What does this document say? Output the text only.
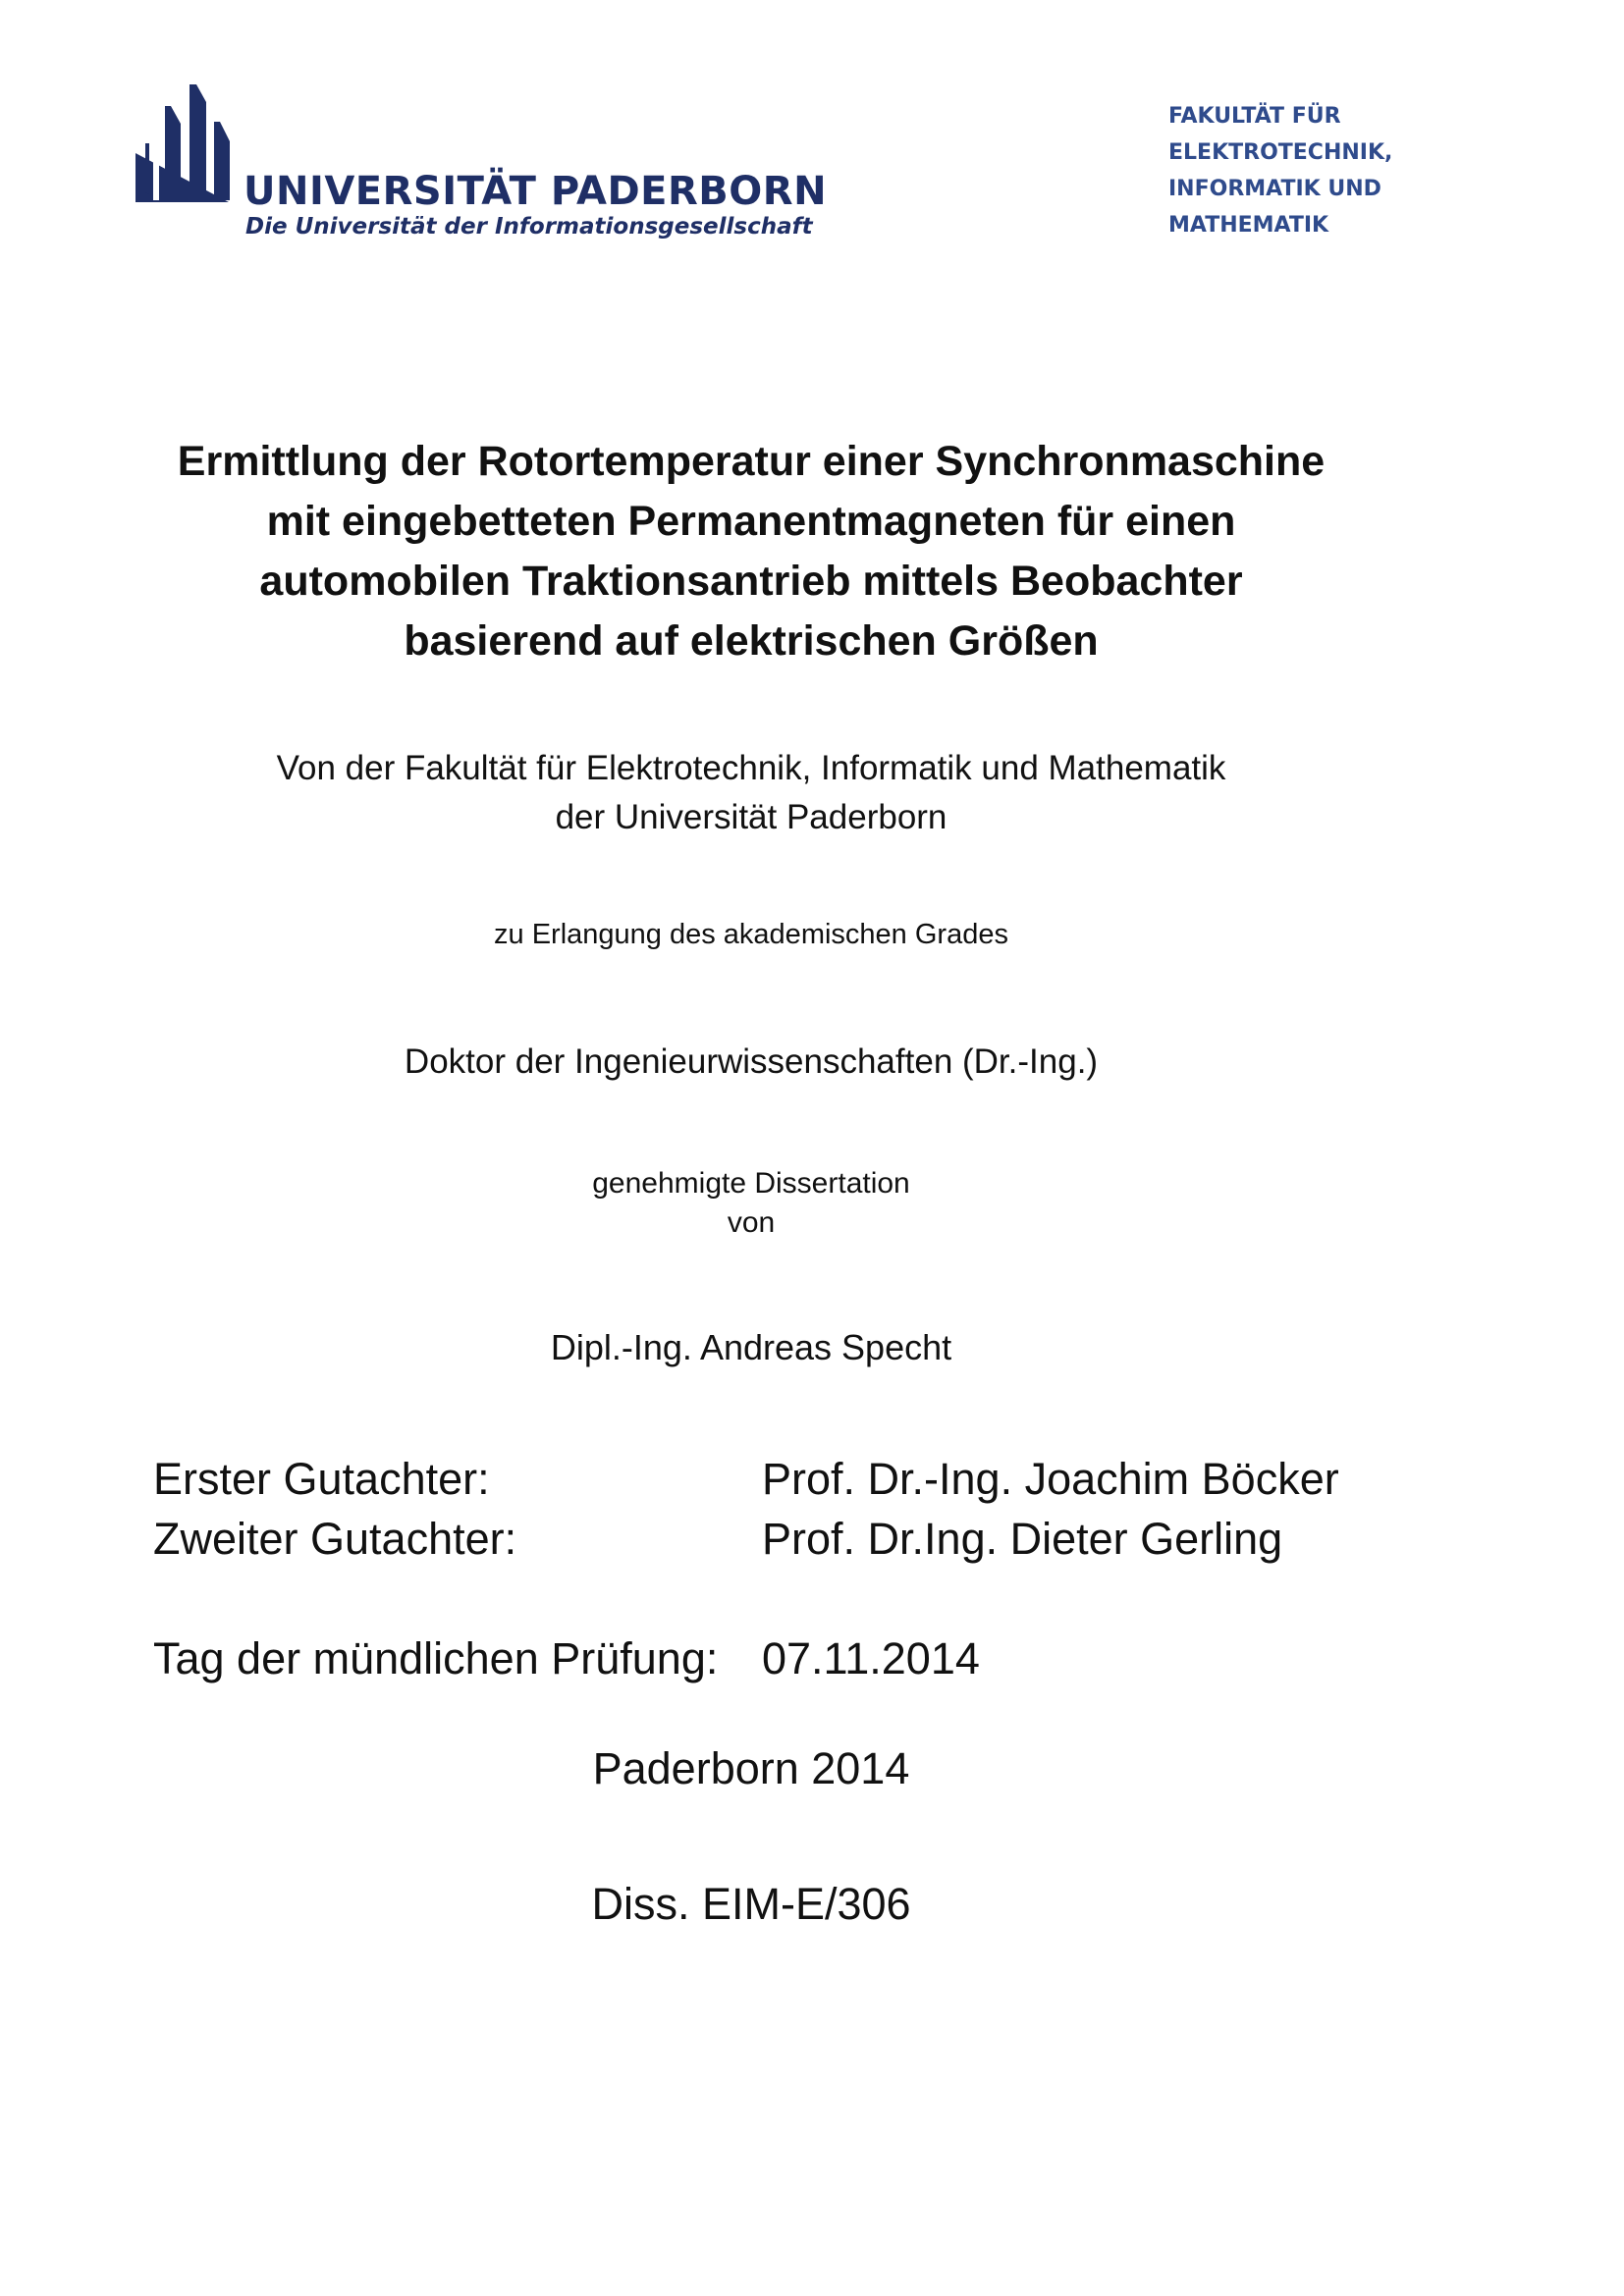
UNIVERSITÄT PADERBORN
Die Universität der Informationsgesellschaft
FAKULTÄT FÜR
ELEKTROTECHNIK,
INFORMATIK UND
MATHEMATIK
Ermittlung der Rotortemperatur einer Synchronmaschine
mit eingebetteten Permanentmagneten für einen
automobilen Traktionsantrieb mittels Beobachter
basierend auf elektrischen Größen
Von der Fakultät für Elektrotechnik, Informatik und Mathematik
der Universität Paderborn
zu Erlangung des akademischen Grades
Doktor der Ingenieurwissenschaften (Dr.-Ing.)
genehmigte Dissertation
von
Dipl.-Ing. Andreas Specht
Erster Gutachter:	Prof. Dr.-Ing. Joachim Böcker
Zweiter Gutachter:	Prof. Dr.Ing. Dieter Gerling
Tag der mündlichen Prüfung: 07.11.2014
Paderborn 2014
Diss. EIM-E/306
